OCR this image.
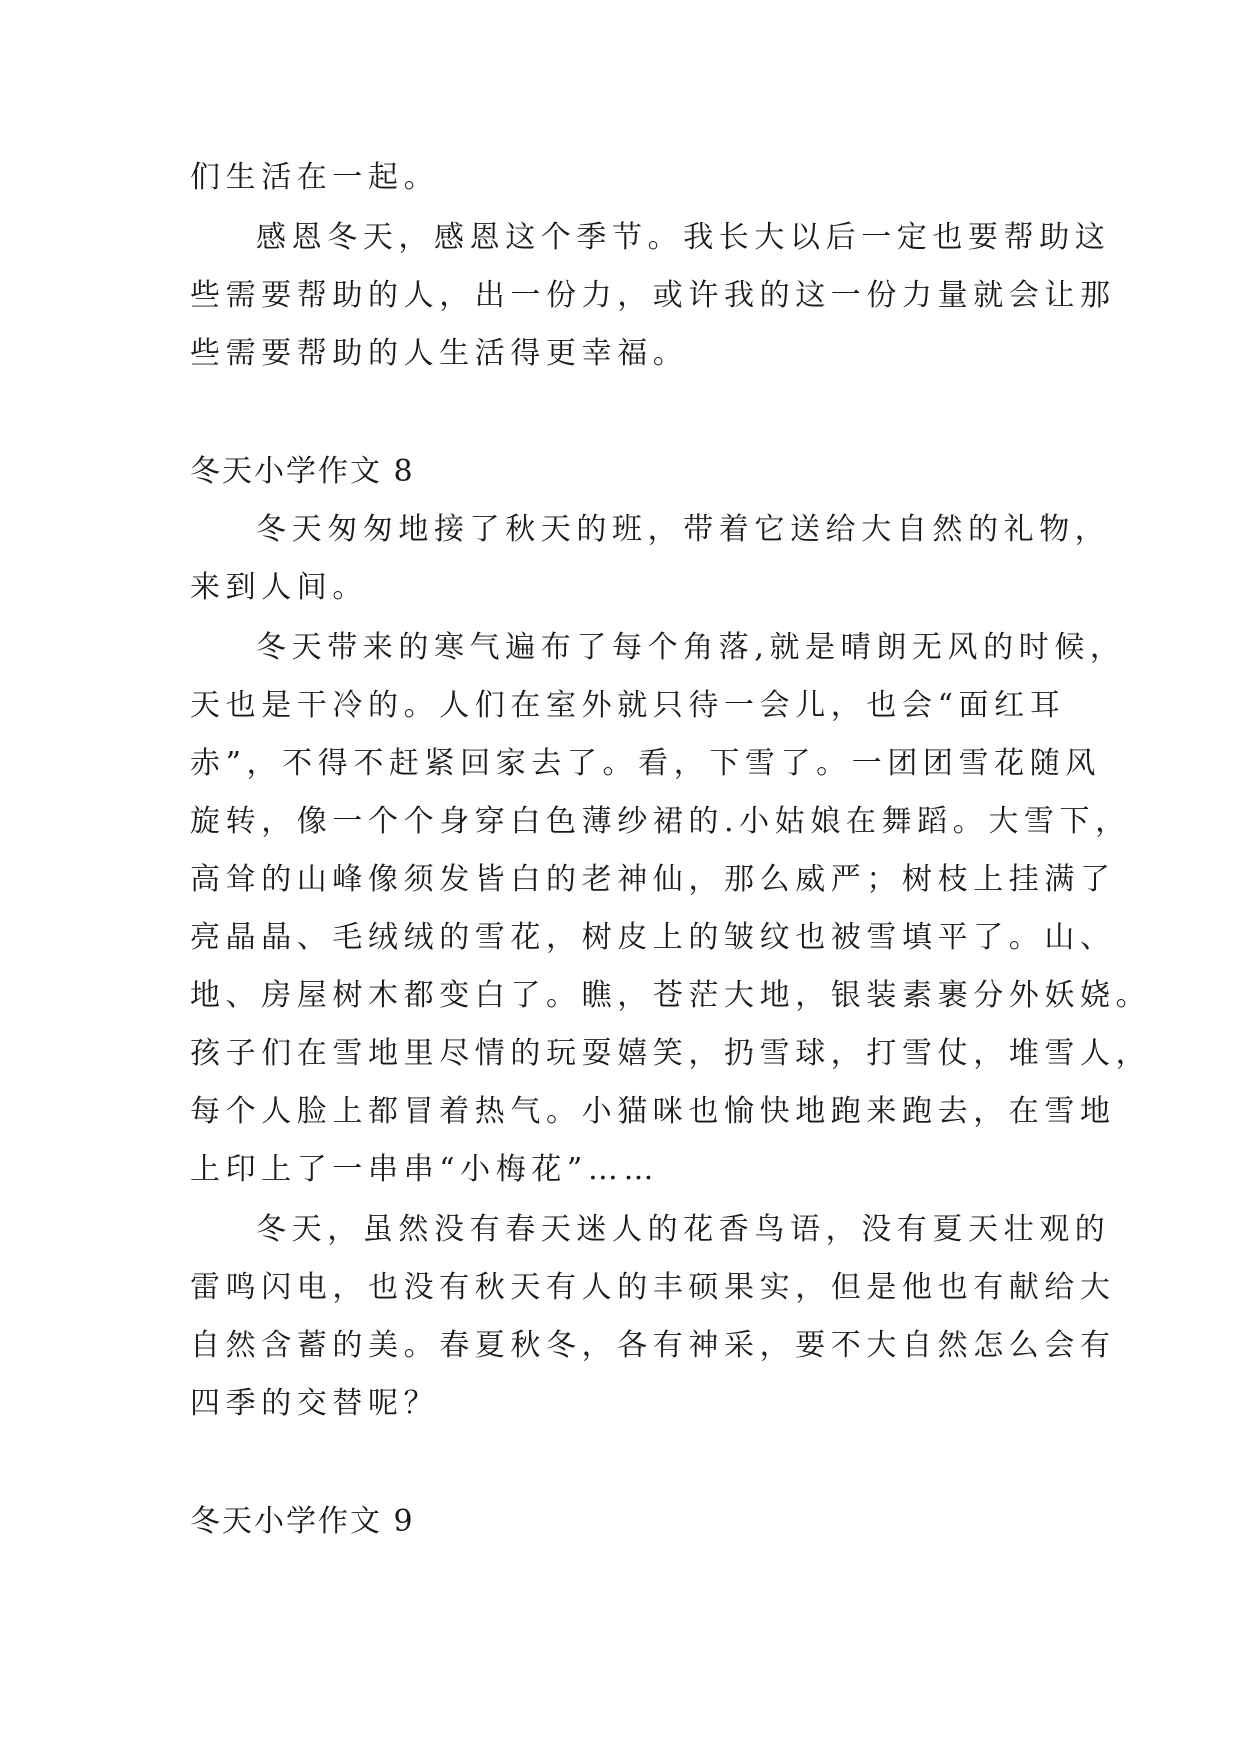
们生活在一起。
感恩冬天，感恩这个季节。我长大以后一定也要帮助这
些需要帮助的人，出一份力，或许我的这一份力量就会让那
些需要帮助的人生活得更幸福。
冬天小学作文 8
冬天匆匆地接了秋天的班，带着它送给大自然的礼物，
来到人间。
冬天带来的寒气遍布了每个角落,就是晴朗无风的时候，
天也是干冷的。人们在室外就只待一会儿，也会“面红耳
赤”，不得不赶紧回家去了。看，下雪了。一团团雪花随风
旋转，像一个个身穿白色薄纱裙的.小姑娘在舞蹈。大雪下，
高耸的山峰像须发皆白的老神仙，那么威严；树枝上挂满了
亮晶晶、毛绒绒的雪花，树皮上的皱纹也被雪填平了。山、
地、房屋树木都变白了。瞧，苍茫大地，银装素裹分外妖娆。
孩子们在雪地里尽情的玩耍嬉笑，扔雪球，打雪仗，堆雪人，
每个人脸上都冒着热气。小猫咪也愉快地跑来跑去，在雪地
上印上了一串串“小梅花”……
冬天，虽然没有春天迷人的花香鸟语，没有夏天壮观的
雷鸣闪电，也没有秋天有人的丰硕果实，但是他也有献给大
自然含蓄的美。春夏秋冬，各有神采，要不大自然怎么会有
四季的交替呢？
冬天小学作文 9
